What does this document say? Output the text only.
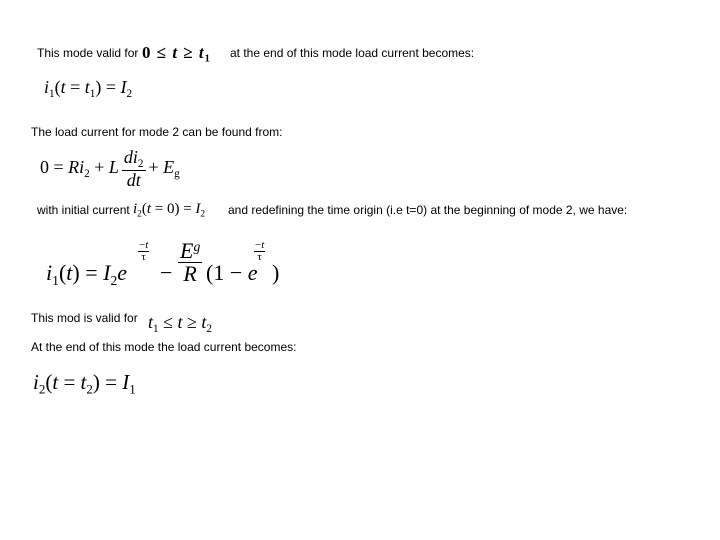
This mode valid for $0 \le t \ge t_1$ at the end of this mode load current becomes:
$i_1(t = t_1) = I_2$
The load current for mode 2 can be found from:
$0 = Ri_2 + L \frac{di_2}{dt} + E_g$
with initial current $i_2(t = 0) = I_2$ and redefining the time origin (i.e t=0) at the beginning of mode 2, we have:
$i_1(t) = I_2e$
−t
τ
−
$E^g$
R (1 − e
−t
τ
)
This mod is valid for $t_1 \le t \ge t_2$
At the end of this mode the load current becomes:
$i_2(t = t_2) = I_1$
